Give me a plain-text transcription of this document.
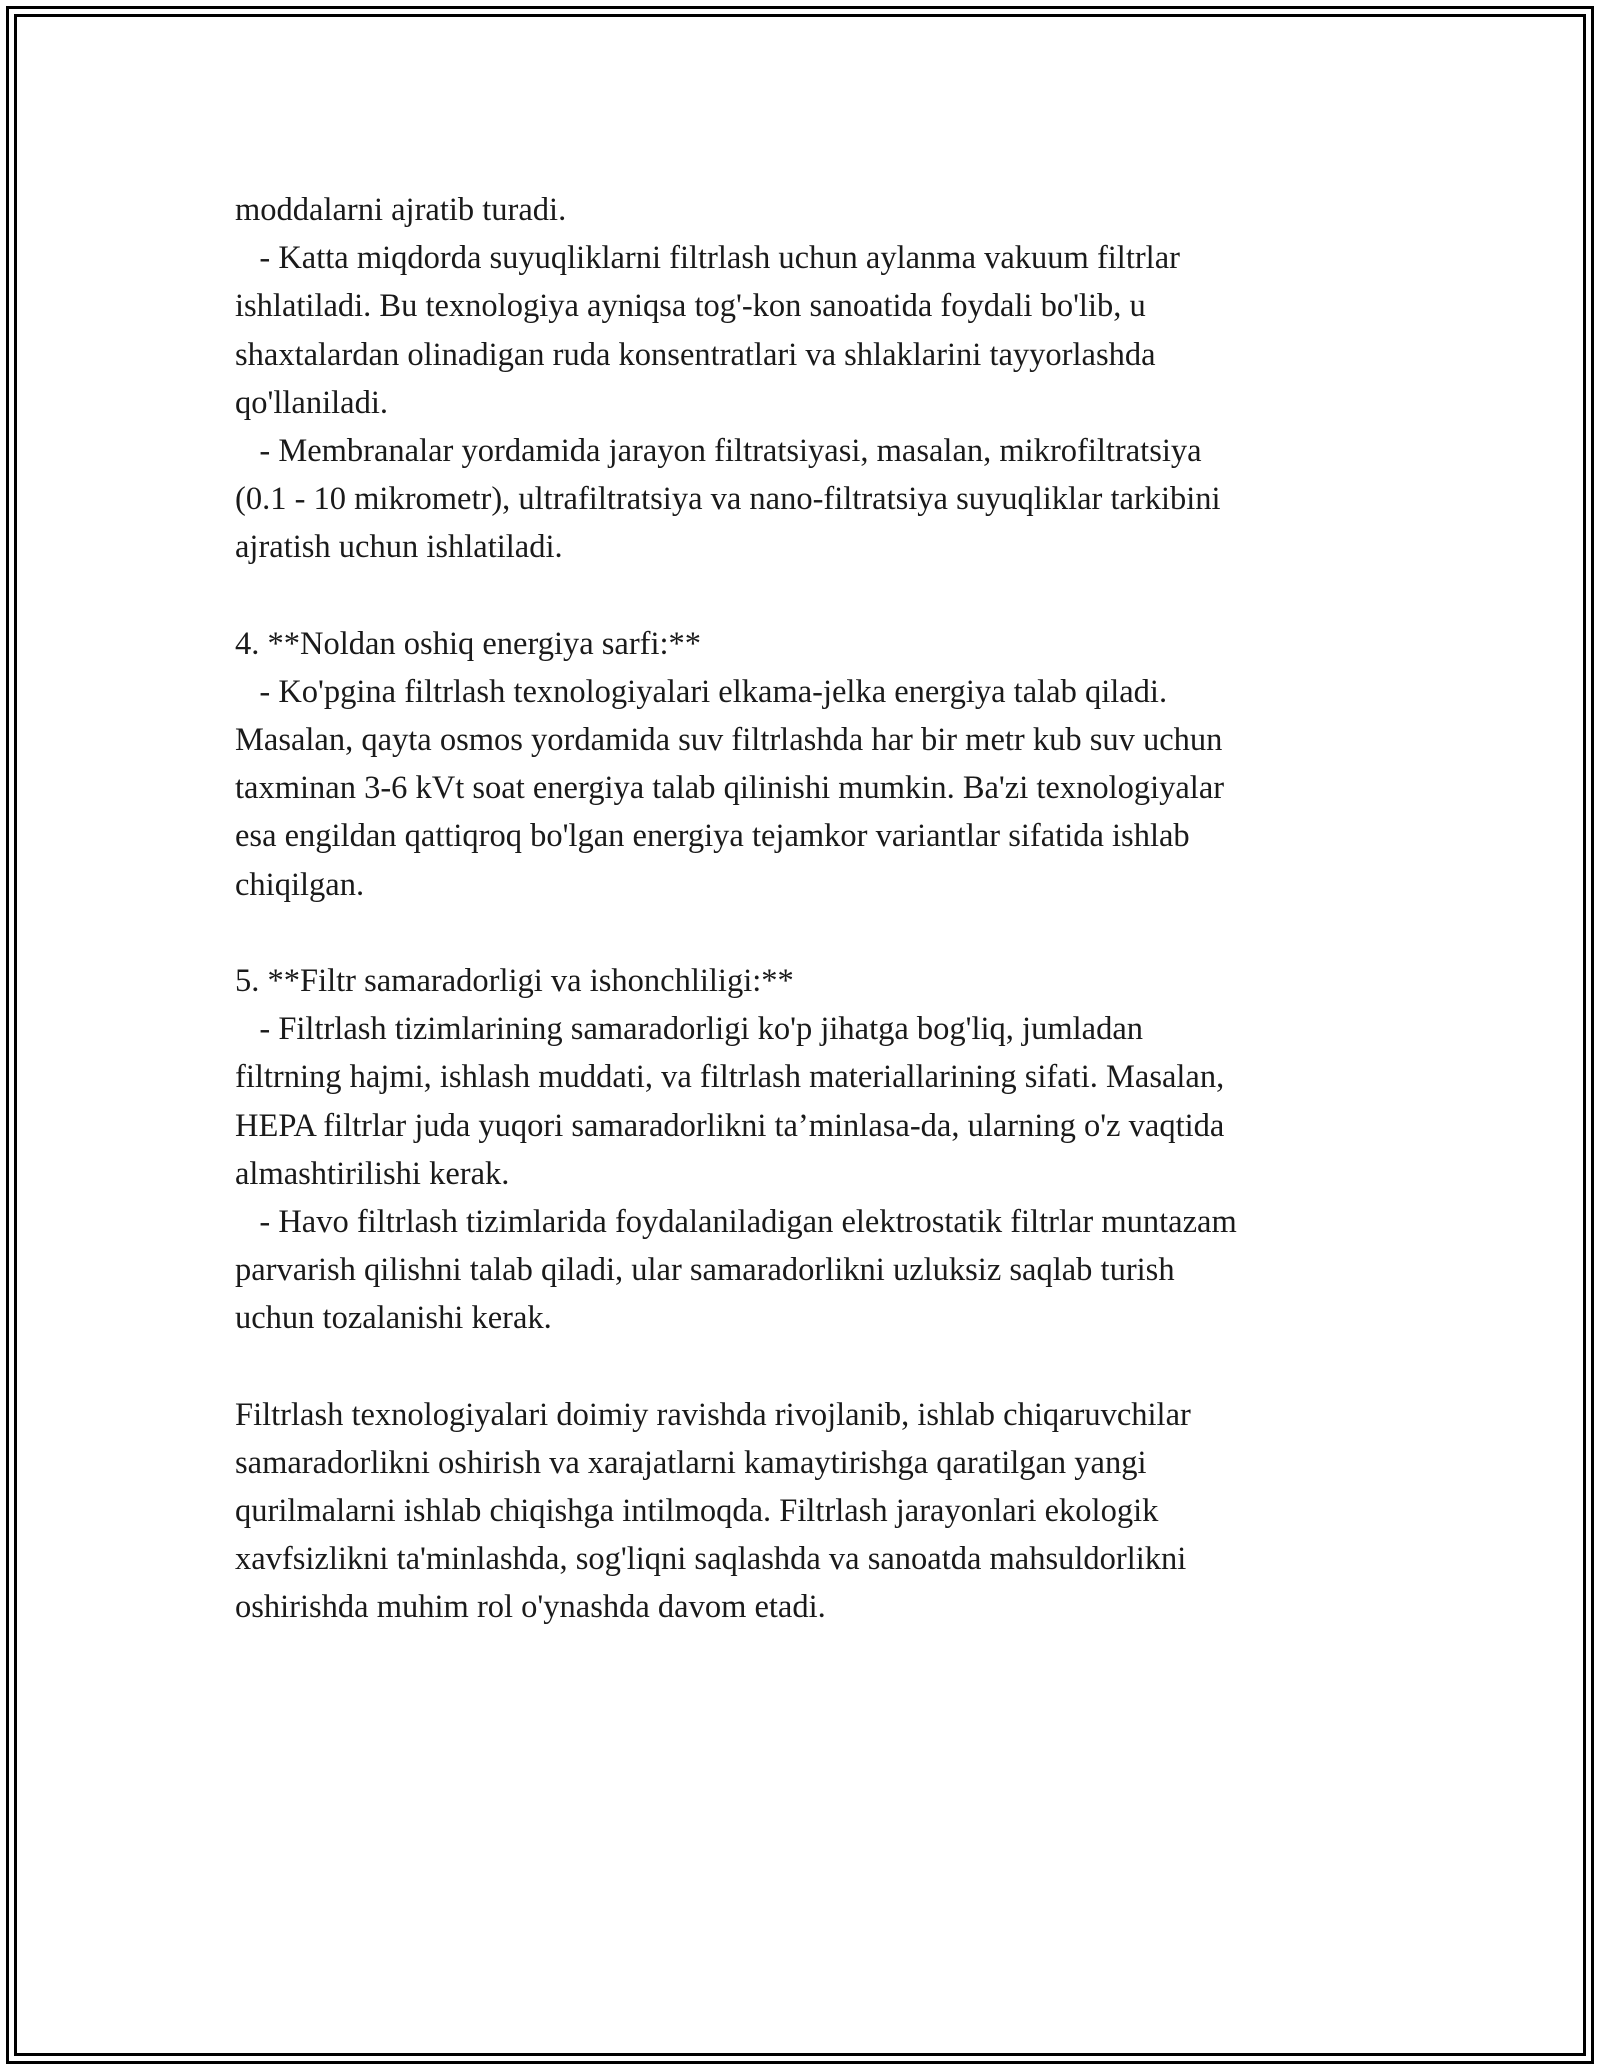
moddalarni ajratib turadi.
- Katta miqdorda suyuqliklarni filtrlash uchun aylanma vakuum filtrlar
ishlatiladi. Bu texnologiya ayniqsa tog'-kon sanoatida foydali bo'lib, u
shaxtalardan olinadigan ruda konsentratlari va shlaklarini tayyorlashda
qo'llaniladi.
- Membranalar yordamida jarayon filtratsiyasi, masalan, mikrofiltratsiya
(0.1 - 10 mikrometr), ultrafiltratsiya va nano-filtratsiya suyuqliklar tarkibini
ajratish uchun ishlatiladi.
4. **Noldan oshiq energiya sarfi:**
- Ko'pgina filtrlash texnologiyalari elkama-jelka energiya talab qiladi.
Masalan, qayta osmos yordamida suv filtrlashda har bir metr kub suv uchun
taxminan 3-6 kVt soat energiya talab qilinishi mumkin. Ba'zi texnologiyalar
esa engildan qattiqroq bo'lgan energiya tejamkor variantlar sifatida ishlab
chiqilgan.
5. **Filtr samaradorligi va ishonchliligi:**
- Filtrlash tizimlarining samaradorligi ko'p jihatga bog'liq, jumladan
filtrning hajmi, ishlash muddati, va filtrlash materiallarining sifati. Masalan,
HEPA filtrlar juda yuqori samaradorlikni ta’minlasa-da, ularning o'z vaqtida
almashtirilishi kerak.
- Havo filtrlash tizimlarida foydalaniladigan elektrostatik filtrlar muntazam
parvarish qilishni talab qiladi, ular samaradorlikni uzluksiz saqlab turish
uchun tozalanishi kerak.
Filtrlash texnologiyalari doimiy ravishda rivojlanib, ishlab chiqaruvchilar
samaradorlikni oshirish va xarajatlarni kamaytirishga qaratilgan yangi
qurilmalarni ishlab chiqishga intilmoqda. Filtrlash jarayonlari ekologik
xavfsizlikni ta'minlashda, sog'liqni saqlashda va sanoatda mahsuldorlikni
oshirishda muhim rol o'ynashda davom etadi.
